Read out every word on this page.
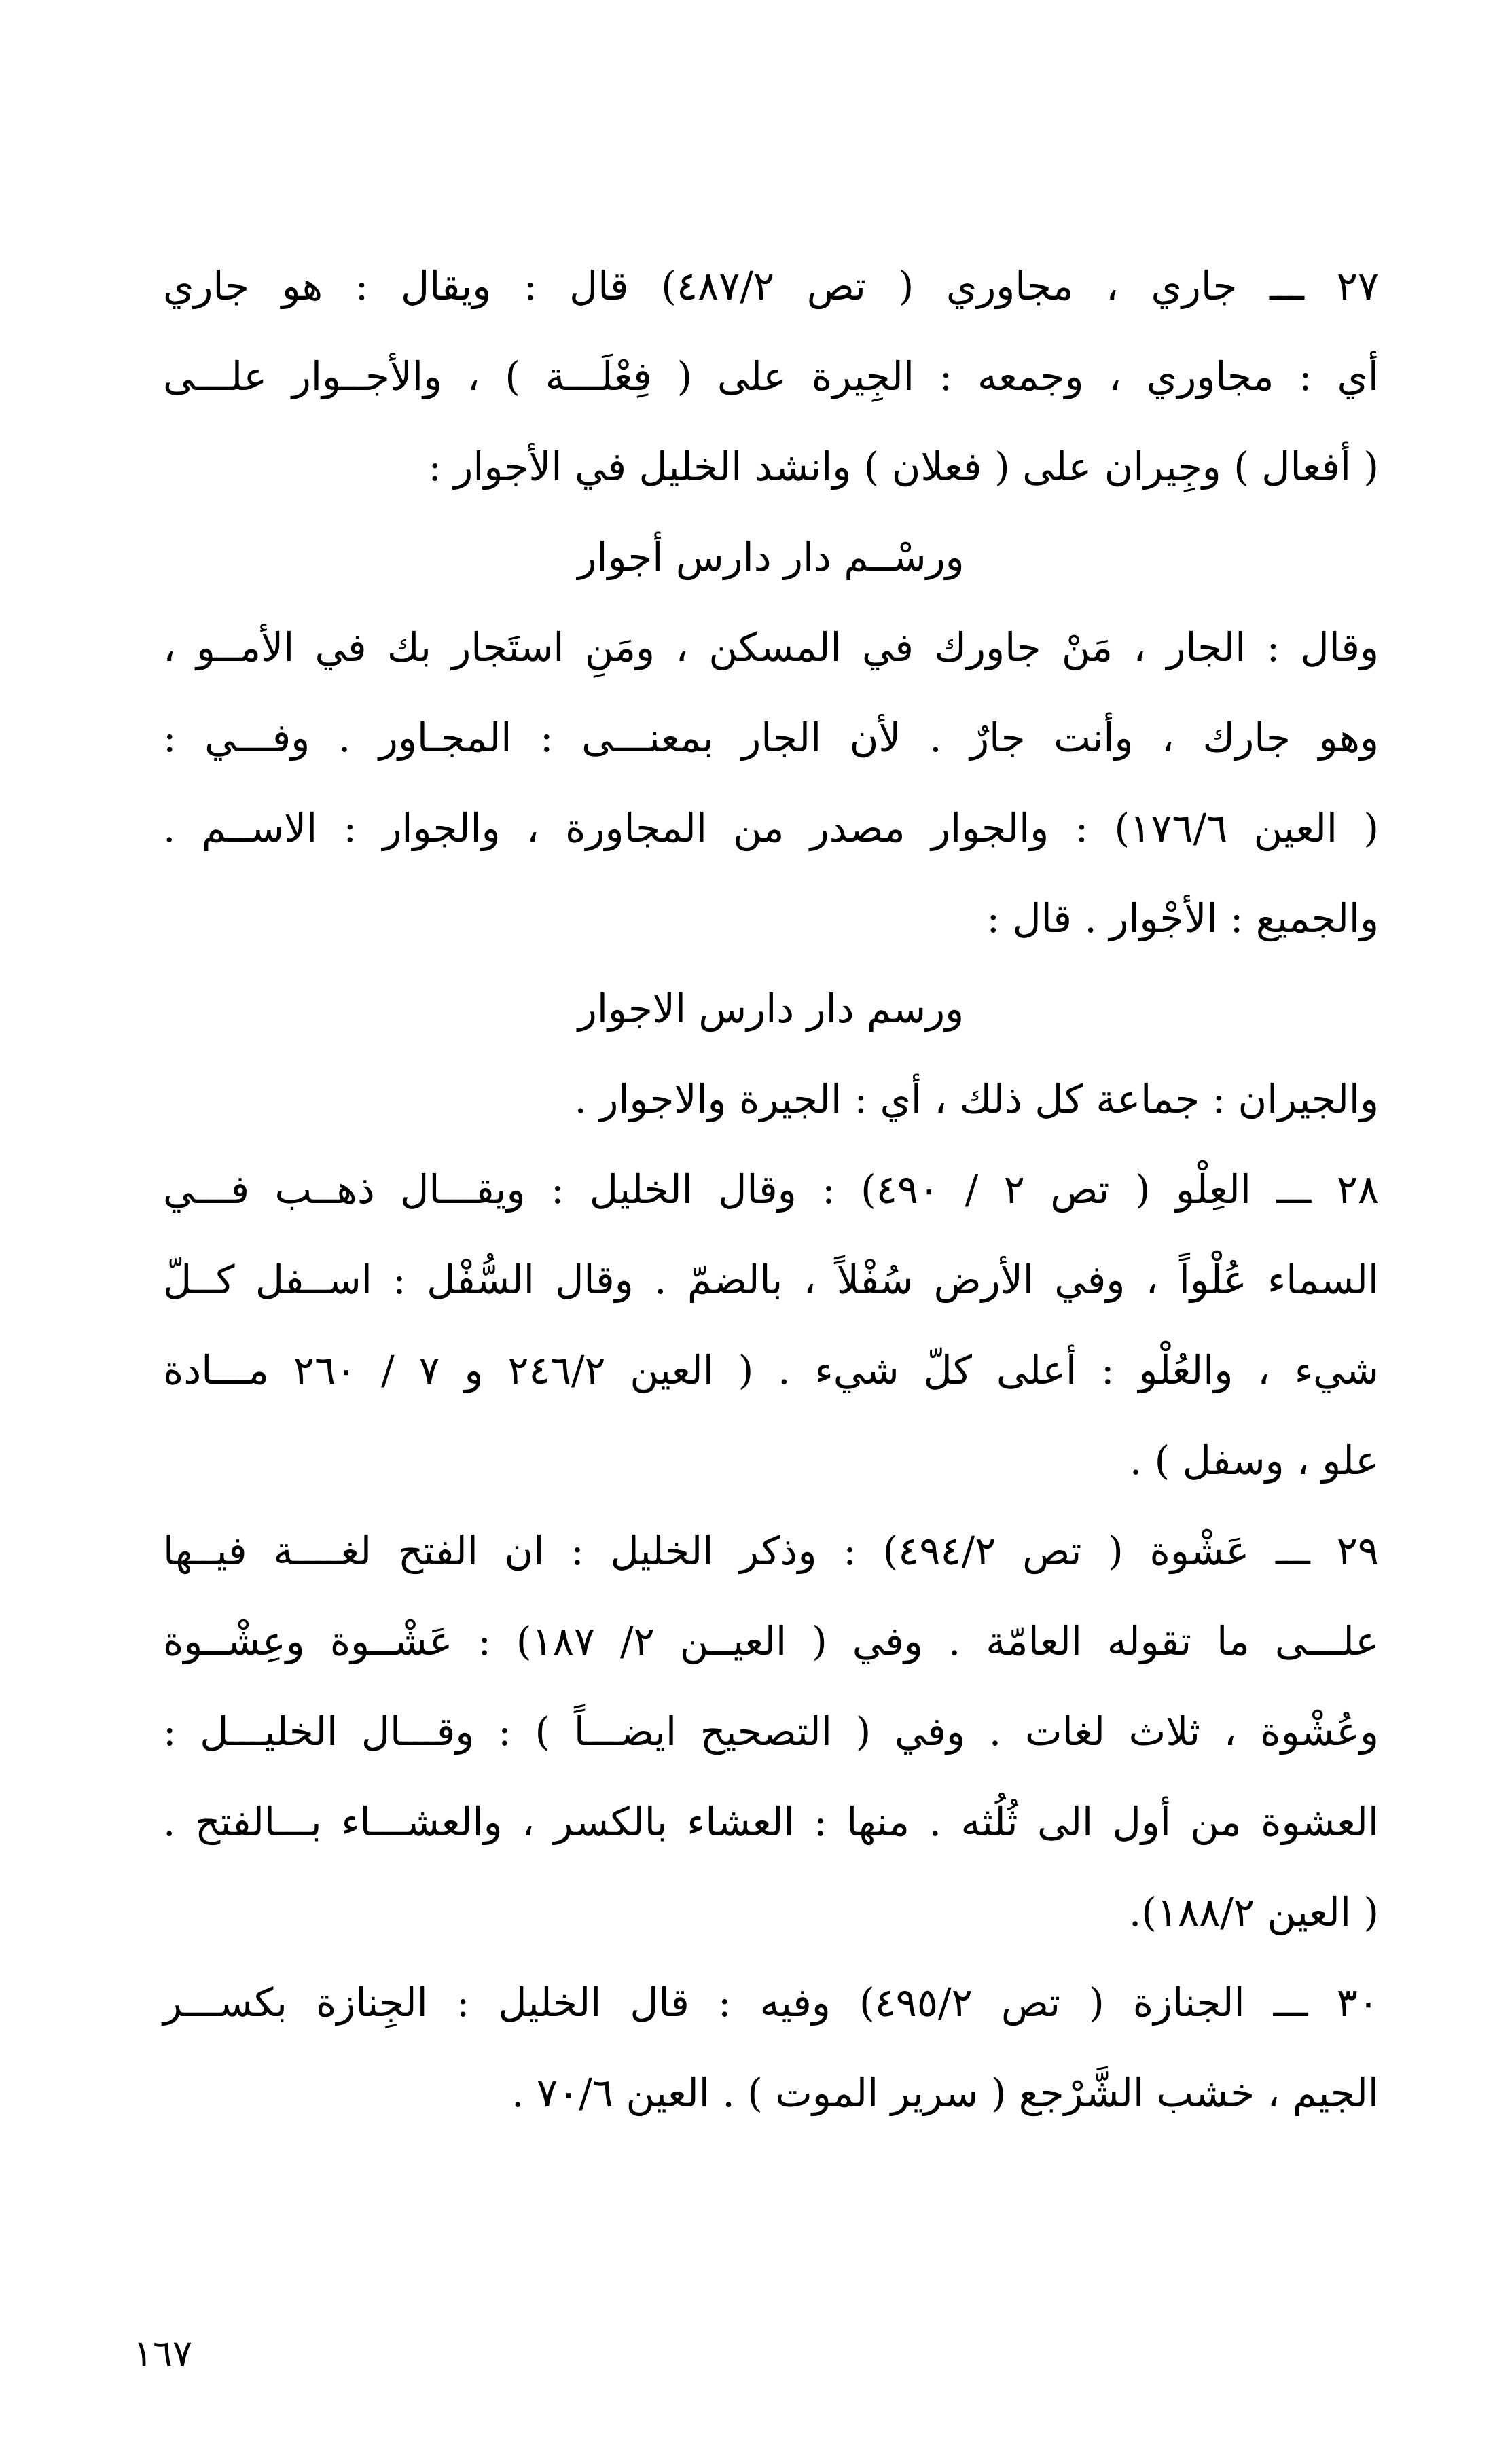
٢٧ ـــ جاري ، مجاوري ( تص ٤٨٧/٢) قال : ويقال : هو جاري
أي : مجاوري ، وجمعه : الجِيرة على ( فِعْلَـــة ) ، والأجــوار علـــى
( أفعال ) وجِيران على ( فعلان ) وانشد الخليل في الأجوار :
ورسْــم دار دارس أجوار
وقال : الجار ، مَنْ جاورك في المسكن ، ومَنِ استَجار بك في الأمــو ،
وهو جارك ، وأنت جارٌ . لأن الجار بمعنـــى : المجـاور . وفـــي :
( العين ١٧٦/٦) : والجوار مصدر من المجاورة ، والجوار : الاســم .
والجميع : الأجْوار . قال :
ورسم دار دارس الاجوار
والجيران : جماعة كل ذلك ، أي : الجيرة والاجوار .
٢٨ ـــ العِلْو ( تص ٢ / ٤٩٠) : وقال الخليل : ويقـــال ذهــب فـــي
السماء عُلْواً ، وفي الأرض سُفْلاً ، بالضمّ . وقال السُّفْل : اســفل كــلّ
شيء ، والعُلْو : أعلى كلّ شيء . ( العين ٢٤٦/٢ و ٧ / ٢٦٠ مـــادة
علو ، وسفل ) .
٢٩ ـــ عَشْوة ( تص ٤٩٤/٢) : وذكر الخليل : ان الفتح لغــــة فيــها
علـــى ما تقوله العامّة . وفي ( العيــن ٢/ ١٨٧) : عَشْــوة وعِشْــوة
وعُشْوة ، ثلاث لغات . وفي ( التصحيح ايضـــاً ) : وقـــال الخليـــل :
العشوة من أول الى ثُلُثه . منها : العشاء بالكسر ، والعشـــاء بـــالفتح .
( العين ١٨٨/٢).
٣٠ ـــ الجنازة ( تص ٤٩٥/٢) وفيه : قال الخليل : الجِنازة بكســـر
الجيم ، خشب الشَّرْجع ( سرير الموت ) . العين ٧٠/٦ .
١٦٧
